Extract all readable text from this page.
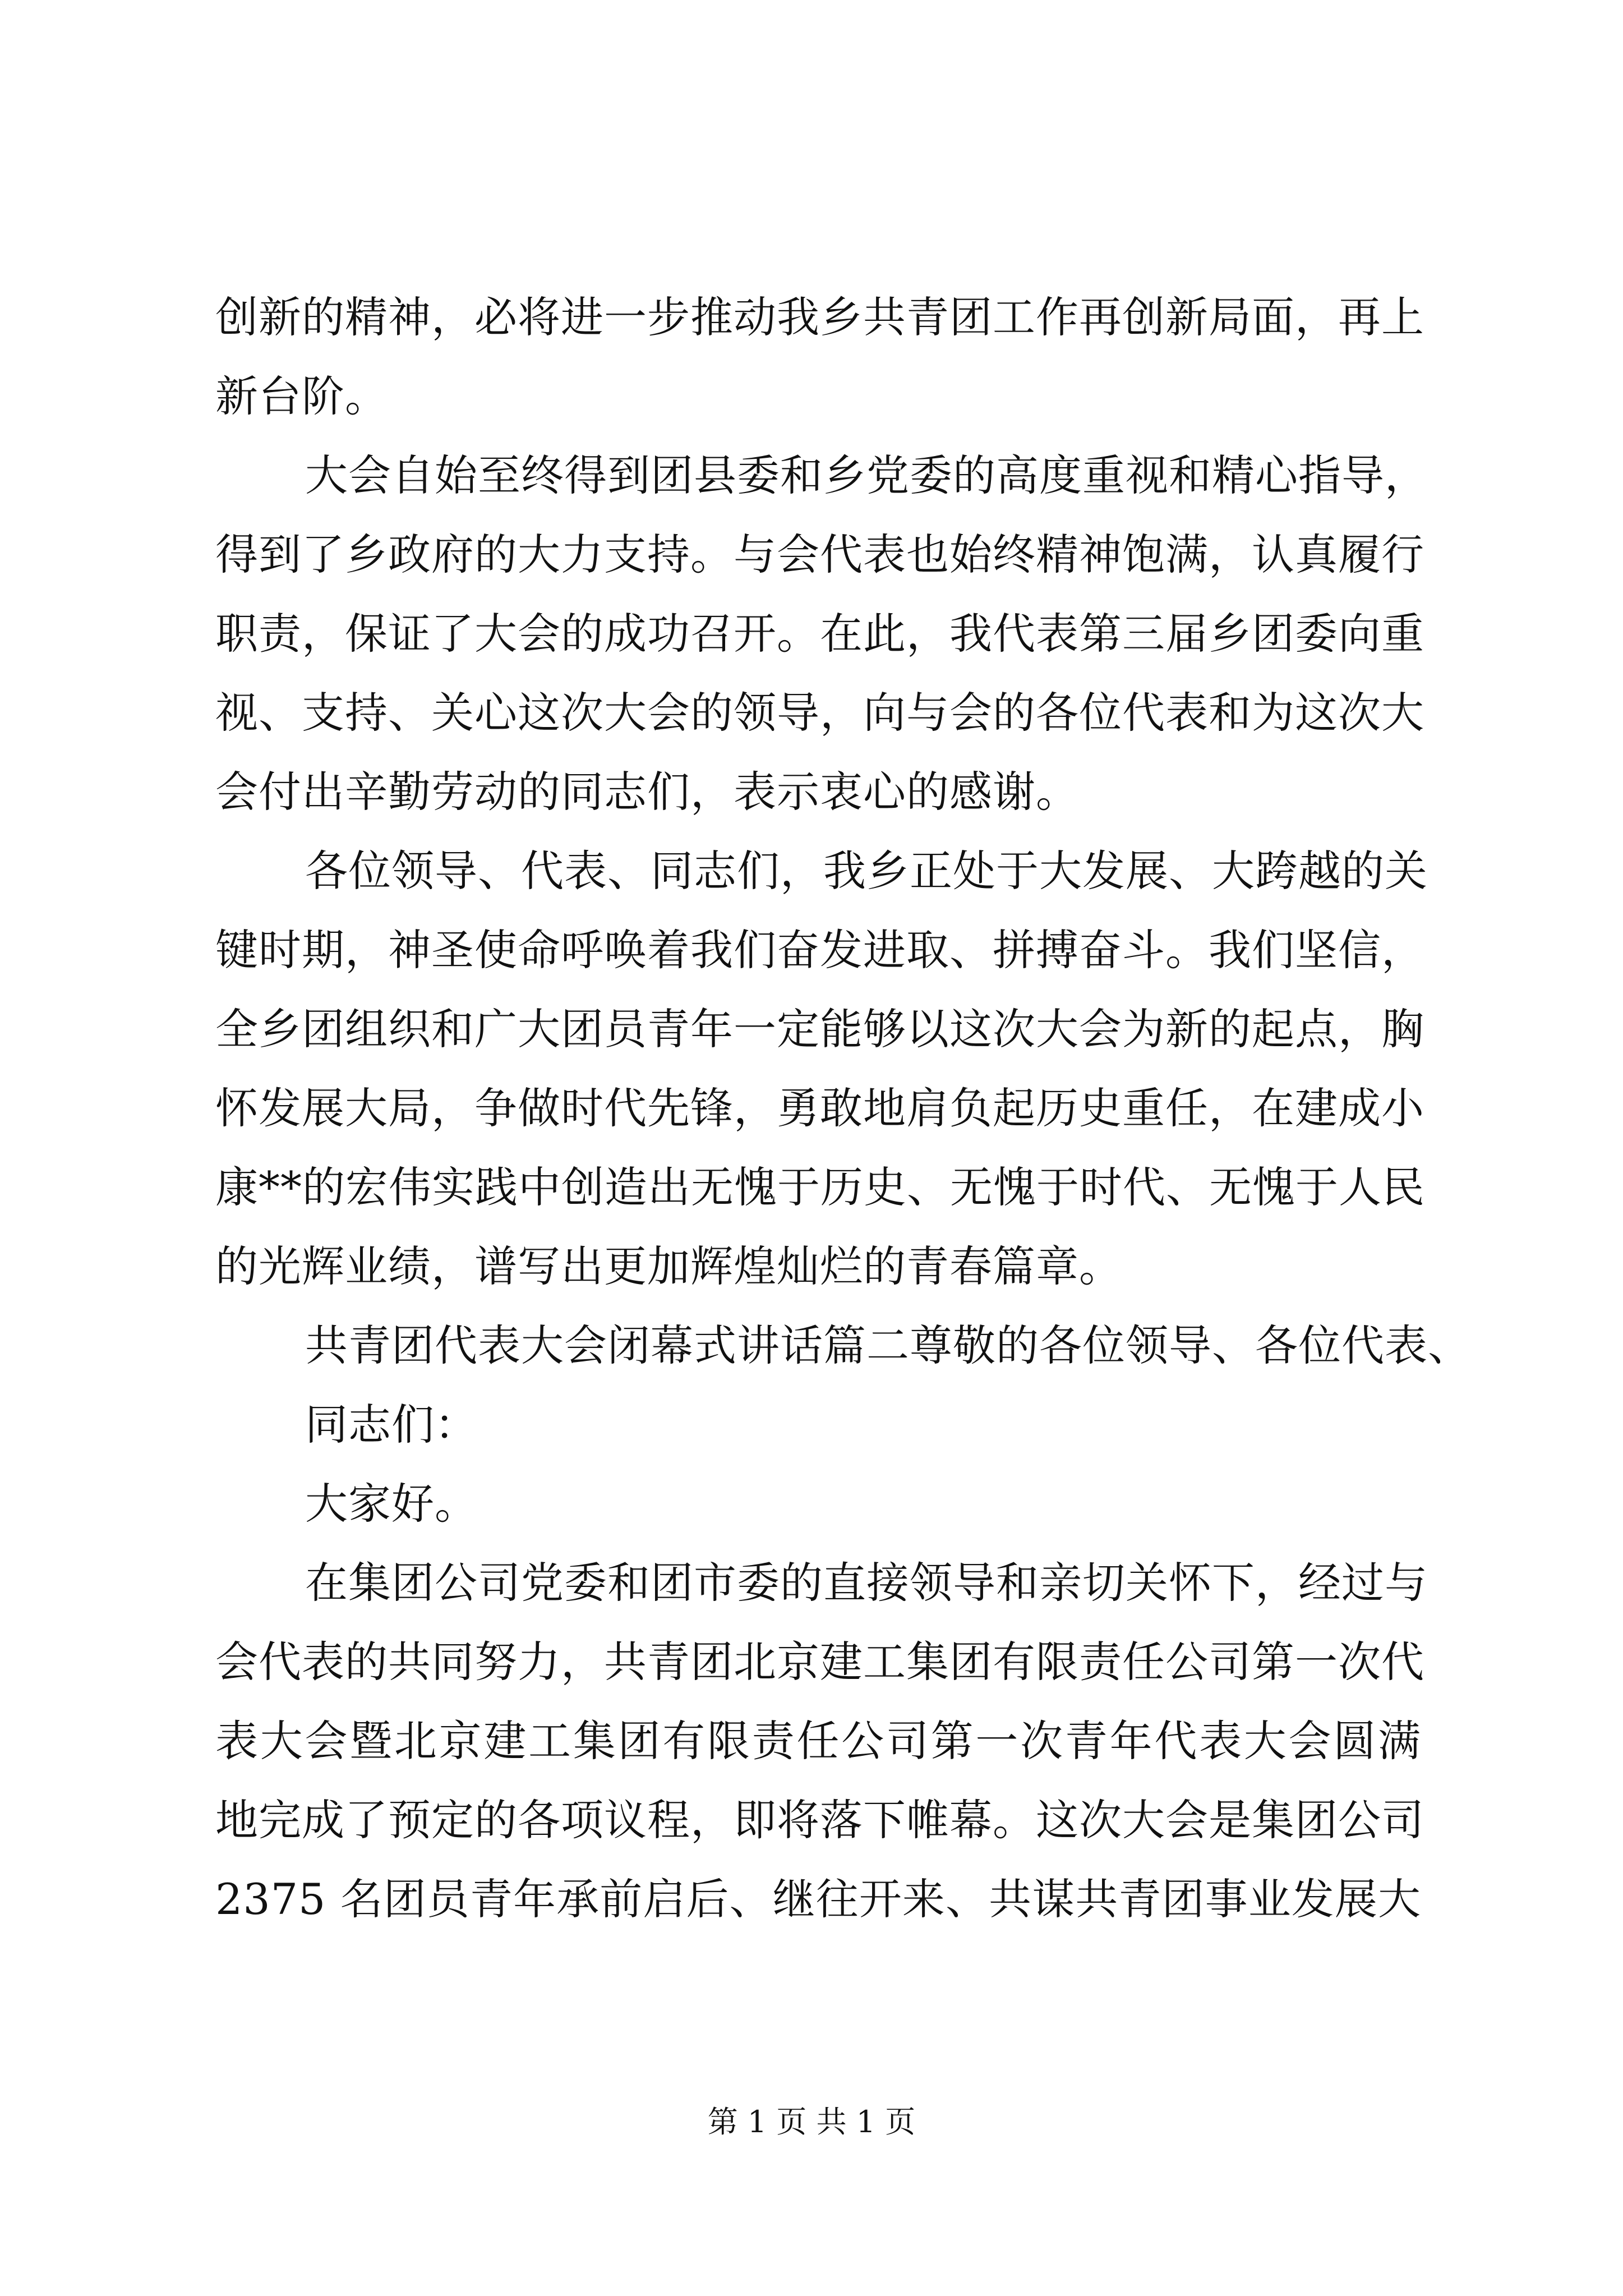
创新的精神，必将进一步推动我乡共青团工作再创新局面，再上

新台阶。

大会自始至终得到团县委和乡党委的高度重视和精心指导，

得到了乡政府的大力支持。与会代表也始终精神饱满，认真履行

职责，保证了大会的成功召开。在此，我代表第三届乡团委向重

视、支持、关心这次大会的领导，向与会的各位代表和为这次大

会付出辛勤劳动的同志们，表示衷心的感谢。

各位领导、代表、同志们，我乡正处于大发展、大跨越的关

键时期，神圣使命呼唤着我们奋发进取、拼搏奋斗。我们坚信，

全乡团组织和广大团员青年一定能够以这次大会为新的起点，胸

怀发展大局，争做时代先锋，勇敢地肩负起历史重任，在建成小

康**的宏伟实践中创造出无愧于历史、无愧于时代、无愧于人民

的光辉业绩，谱写出更加辉煌灿烂的青春篇章。

共青团代表大会闭幕式讲话篇二尊敬的各位领导、各位代表、

同志们：

大家好。

在集团公司党委和团市委的直接领导和亲切关怀下，经过与

会代表的共同努力，共青团北京建工集团有限责任公司第一次代

表大会暨北京建工集团有限责任公司第一次青年代表大会圆满

地完成了预定的各项议程，即将落下帷幕。这次大会是集团公司

2375 名团员青年承前启后、继往开来、共谋共青团事业发展大

第 1 页 共 1 页
